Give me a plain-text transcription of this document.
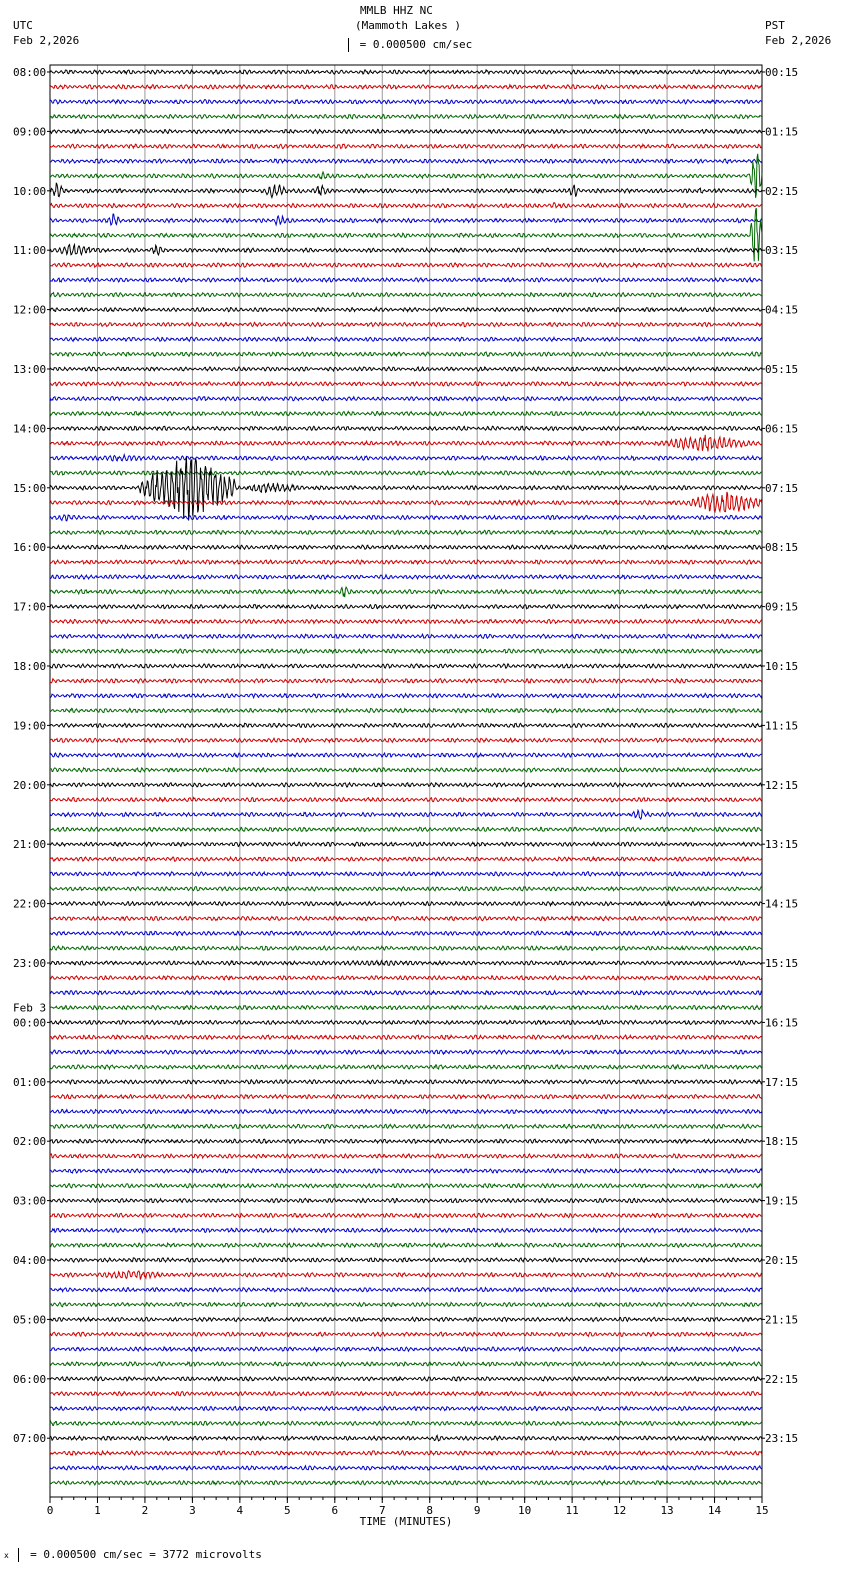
MMLB HHZ NC
(Mammoth Lakes )
= 0.000500 cm/sec
UTC
Feb 2,2026
PST
Feb 2,2026
08:00
09:00
10:00
11:00
12:00
13:00
14:00
15:00
16:00
17:00
18:00
19:00
20:00
21:00
22:00
23:00
00:00
01:00
02:00
03:00
04:00
05:00
06:00
07:00
Feb 3
00:15
01:15
02:15
03:15
04:15
05:15
06:15
07:15
08:15
09:15
10:15
11:15
12:15
13:15
14:15
15:15
16:15
17:15
18:15
19:15
20:15
21:15
22:15
23:15
0	1	2	3	4	5	6	7	8	9	10	11	12	13	14	15
TIME (MINUTES)
x = 0.000500 cm/sec = 3772 microvolts
